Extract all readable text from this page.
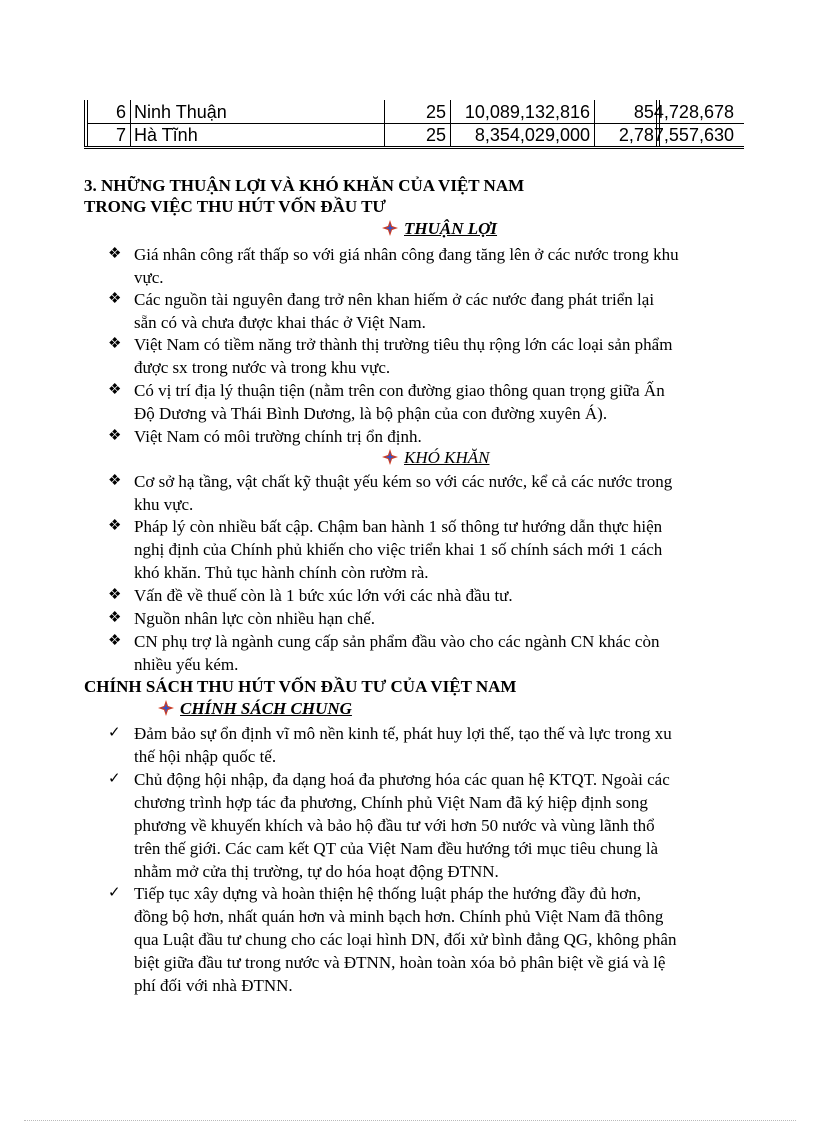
6 Ninh Thuận	25	10,089,132,816	854,728,678
7 Hà Tĩnh	25	8,354,029,000	2,787,557,630
3. NHỮNG THUẬN LỢI VÀ KHÓ KHĂN CỦA VIỆT NAM
TRONG VIỆC THU HÚT VỐN ĐẦU TƯ
THUẬN LỢI
❖ Giá nhân công rất thấp so với giá nhân công đang tăng lên ở các nước trong khu
vực.
❖ Các nguồn tài nguyên đang trở nên khan hiếm ở các nước đang phát triển lại
sẵn có và chưa được khai thác ở Việt Nam.
❖ Việt Nam có tiềm năng trở thành thị trường tiêu thụ rộng lớn các loại sản phẩm
được sx trong nước và trong khu vực.
❖ Có vị trí địa lý thuận tiện (nằm trên con đường giao thông quan trọng giữa Ấn
Độ Dương và Thái Bình Dương, là bộ phận của con đường xuyên Á).
❖ Việt Nam có môi trường chính trị ổn định.
KHÓ KHĂN
❖ Cơ sở hạ tầng, vật chất kỹ thuật yếu kém so với các nước, kể cả các nước trong
khu vực.
❖ Pháp lý còn nhiều bất cập. Chậm ban hành 1 số thông tư hướng dẫn thực hiện
nghị định của Chính phủ khiến cho việc triển khai 1 số chính sách mới 1 cách
khó khăn. Thủ tục hành chính còn rườm rà.
❖ Vấn đề về thuế còn là 1 bức xúc lớn với các nhà đầu tư.
❖ Nguồn nhân lực còn nhiều hạn chế.
❖ CN phụ trợ là ngành cung cấp sản phẩm đầu vào cho các ngành CN khác còn
nhiều yếu kém.
CHÍNH SÁCH THU HÚT VỐN ĐẦU TƯ CỦA VIỆT NAM
CHÍNH SÁCH CHUNG
✓ Đảm bảo sự ổn định vĩ mô nền kinh tế, phát huy lợi thế, tạo thế và lực trong xu
thế hội nhập quốc tế.
✓ Chủ động hội nhập, đa dạng hoá đa phương hóa các quan hệ KTQT. Ngoài các
chương trình hợp tác đa phương, Chính phủ Việt Nam đã ký hiệp định song
phương về khuyến khích và bảo hộ đầu tư với hơn 50 nước và vùng lãnh thổ
trên thế giới. Các cam kết QT của Việt Nam đều hướng tới mục tiêu chung là
nhằm mở cửa thị trường, tự do hóa hoạt động ĐTNN.
✓ Tiếp tục xây dựng và hoàn thiện hệ thống luật pháp the hướng đầy đủ hơn,
đồng bộ hơn, nhất quán hơn và minh bạch hơn. Chính phủ Việt Nam đã thông
qua Luật đầu tư chung cho các loại hình DN, đối xử bình đẳng QG, không phân
biệt giữa đầu tư trong nước và ĐTNN, hoàn toàn xóa bỏ phân biệt về giá và lệ
phí đối với nhà ĐTNN.
